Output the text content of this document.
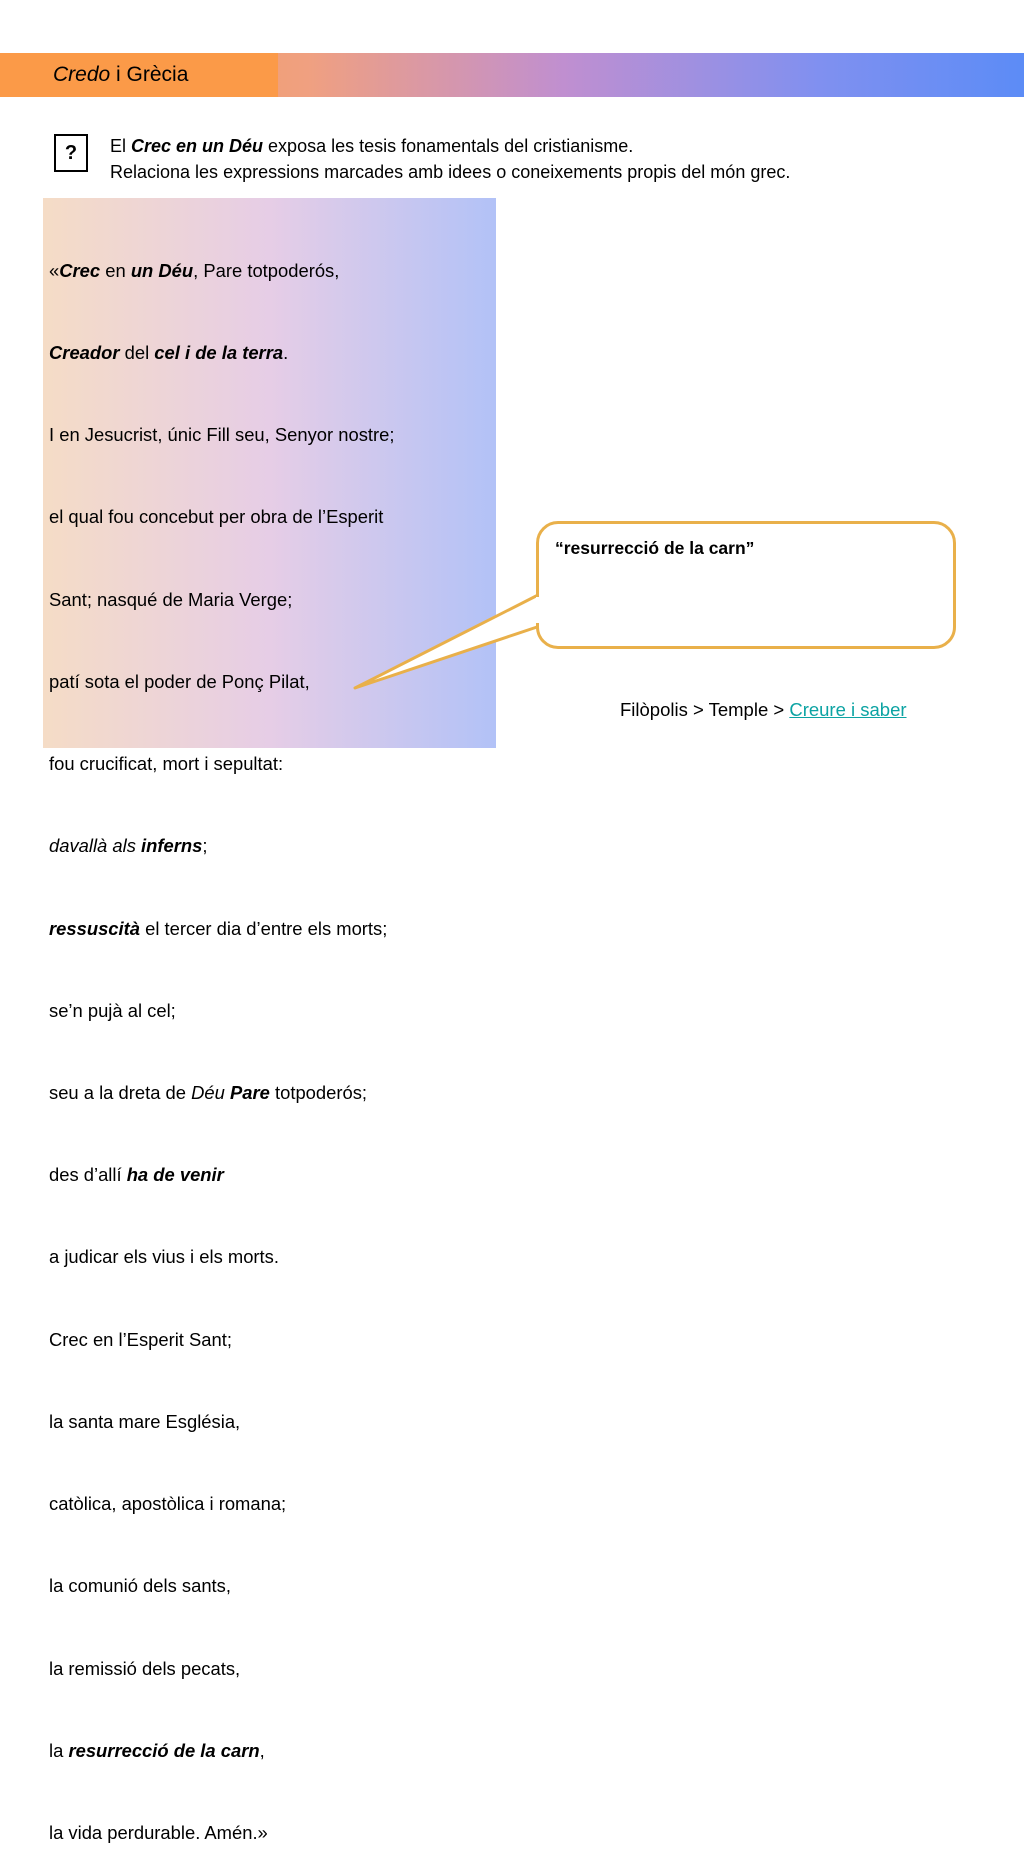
Credo i Grècia
?	El Crec en un Déu exposa les tesis fonamentals del cristianisme.
Relaciona les expressions marcades amb idees o coneixements propis del món grec.

«Crec en un Déu, Pare totpoderós,

Creador del cel i de la terra.

I en Jesucrist, únic Fill seu, Senyor nostre;

el qual fou concebut per obra de l’Esperit

Sant; nasqué de Maria Verge;

patí sota el poder de Ponç Pilat,

fou crucificat, mort i sepultat:

davallà als inferns;

ressuscità el tercer dia d’entre els morts;

se’n pujà al cel;

seu a la dreta de Déu Pare totpoderós;

des d’allí ha de venir

a judicar els vius i els morts.

Crec en l’Esperit Sant;

la santa mare Església,

catòlica, apostòlica i romana;

la comunió dels sants,

la remissió dels pecats,

la resurrecció de la carn,

la vida perdurable. Amén.»

“resurrecció de la carn”
Filòpolis > Temple > Creure i saber
